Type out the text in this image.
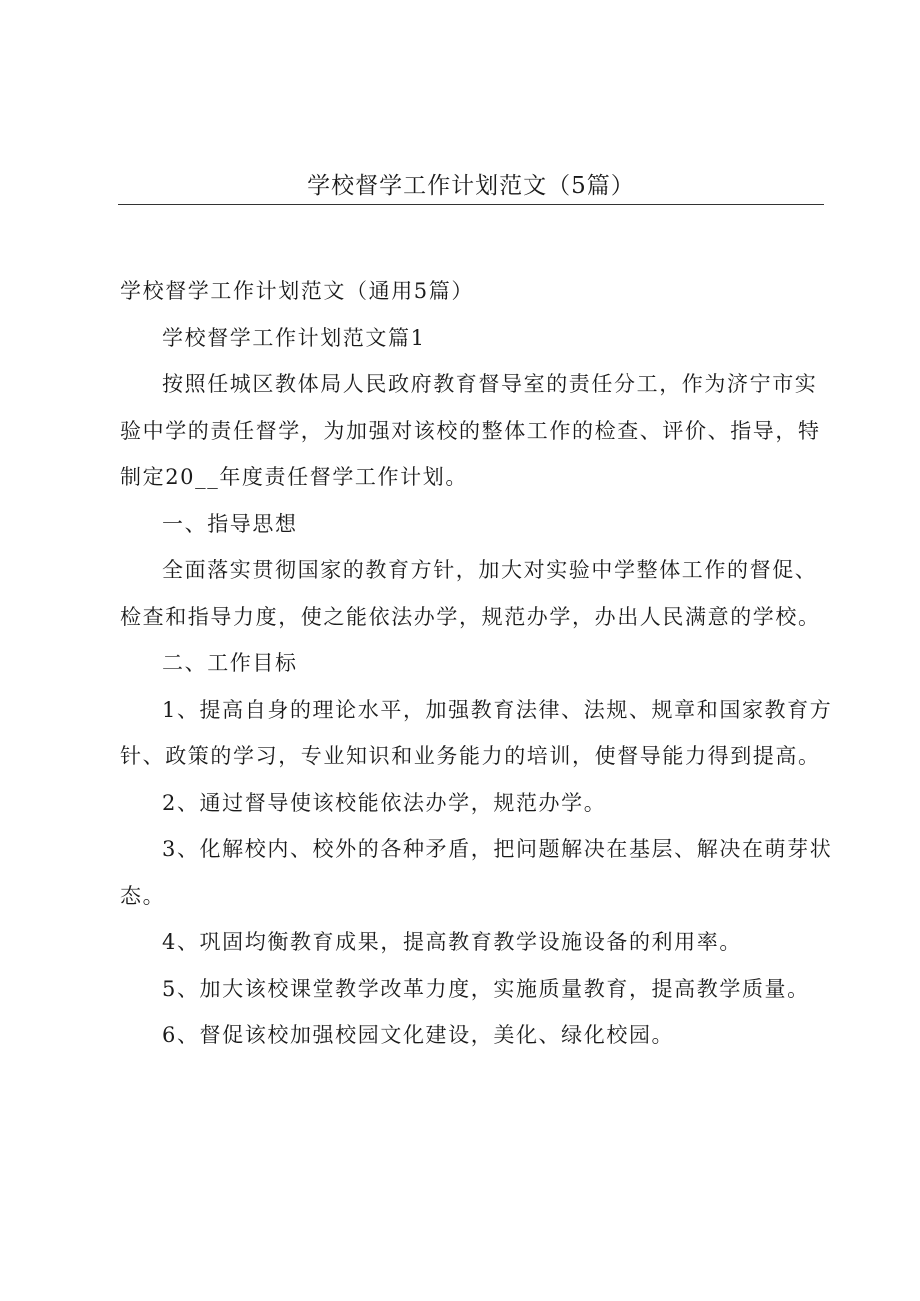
学校督学工作计划范文（5篇）

学校督学工作计划范文（通用5篇）

学校督学工作计划范文篇1

按照任城区教体局人民政府教育督导室的责任分工，作为济宁市实验中学的责任督学，为加强对该校的整体工作的检查、评价、指导，特制定20__年度责任督学工作计划。

一、指导思想

全面落实贯彻国家的教育方针，加大对实验中学整体工作的督促、检查和指导力度，使之能依法办学，规范办学，办出人民满意的学校。

二、工作目标

1、提高自身的理论水平，加强教育法律、法规、规章和国家教育方针、政策的学习，专业知识和业务能力的培训，使督导能力得到提高。

2、通过督导使该校能依法办学，规范办学。

3、化解校内、校外的各种矛盾，把问题解决在基层、解决在萌芽状态。

4、巩固均衡教育成果，提高教育教学设施设备的利用率。

5、加大该校课堂教学改革力度，实施质量教育，提高教学质量。

6、督促该校加强校园文化建设，美化、绿化校园。
